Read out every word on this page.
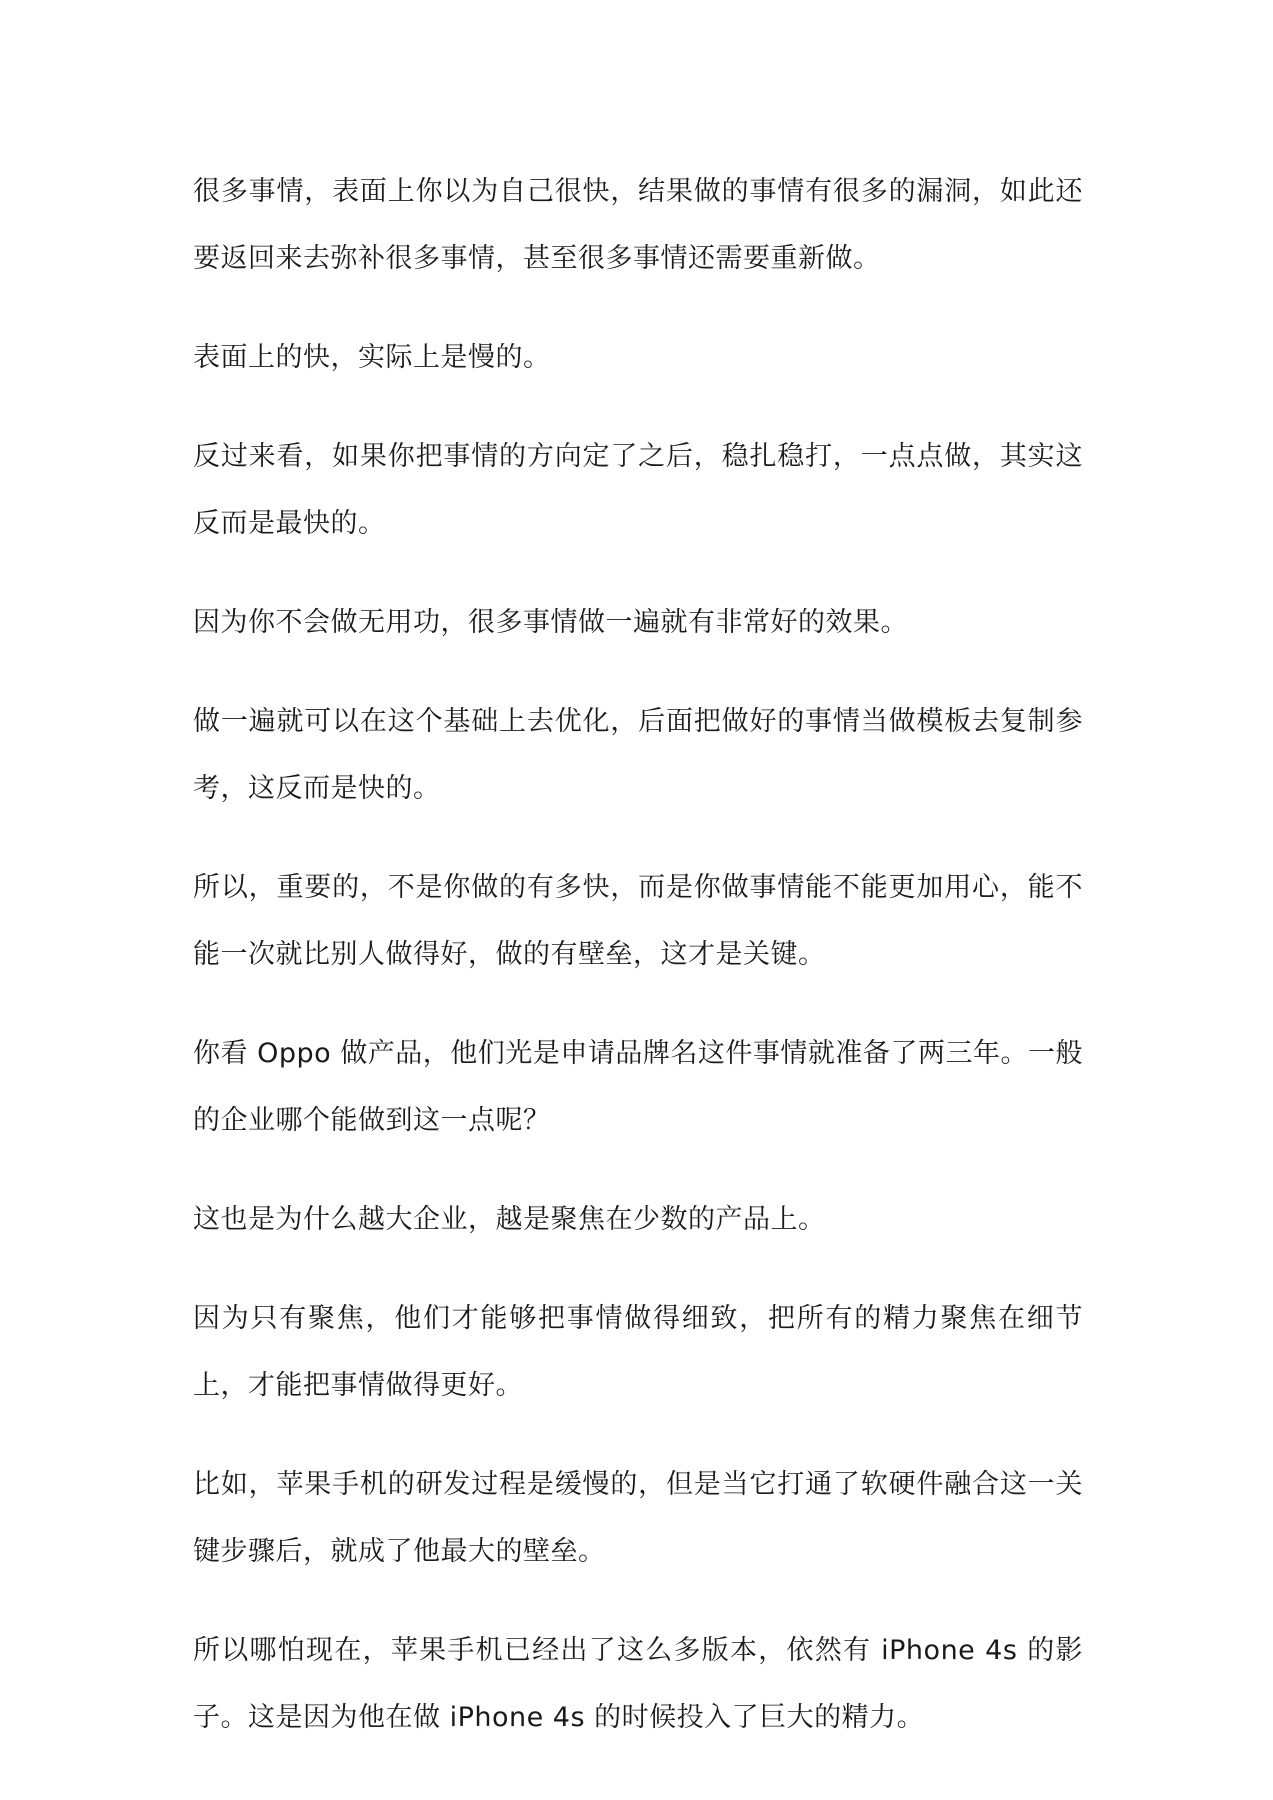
很多事情，表面上你以为自己很快，结果做的事情有很多的漏洞，如此还要返回来去弥补很多事情，甚至很多事情还需要重新做。

表面上的快，实际上是慢的。

反过来看，如果你把事情的方向定了之后，稳扎稳打，一点点做，其实这反而是最快的。

因为你不会做无用功，很多事情做一遍就有非常好的效果。

做一遍就可以在这个基础上去优化，后面把做好的事情当做模板去复制参考，这反而是快的。

所以，重要的，不是你做的有多快，而是你做事情能不能更加用心，能不能一次就比别人做得好，做的有壁垒，这才是关键。

你看 Oppo 做产品，他们光是申请品牌名这件事情就准备了两三年。一般的企业哪个能做到这一点呢？

这也是为什么越大企业，越是聚焦在少数的产品上。

因为只有聚焦，他们才能够把事情做得细致，把所有的精力聚焦在细节上，才能把事情做得更好。

比如，苹果手机的研发过程是缓慢的，但是当它打通了软硬件融合这一关键步骤后，就成了他最大的壁垒。

所以哪怕现在，苹果手机已经出了这么多版本，依然有 iPhone 4s 的影子。这是因为他在做 iPhone 4s 的时候投入了巨大的精力。
